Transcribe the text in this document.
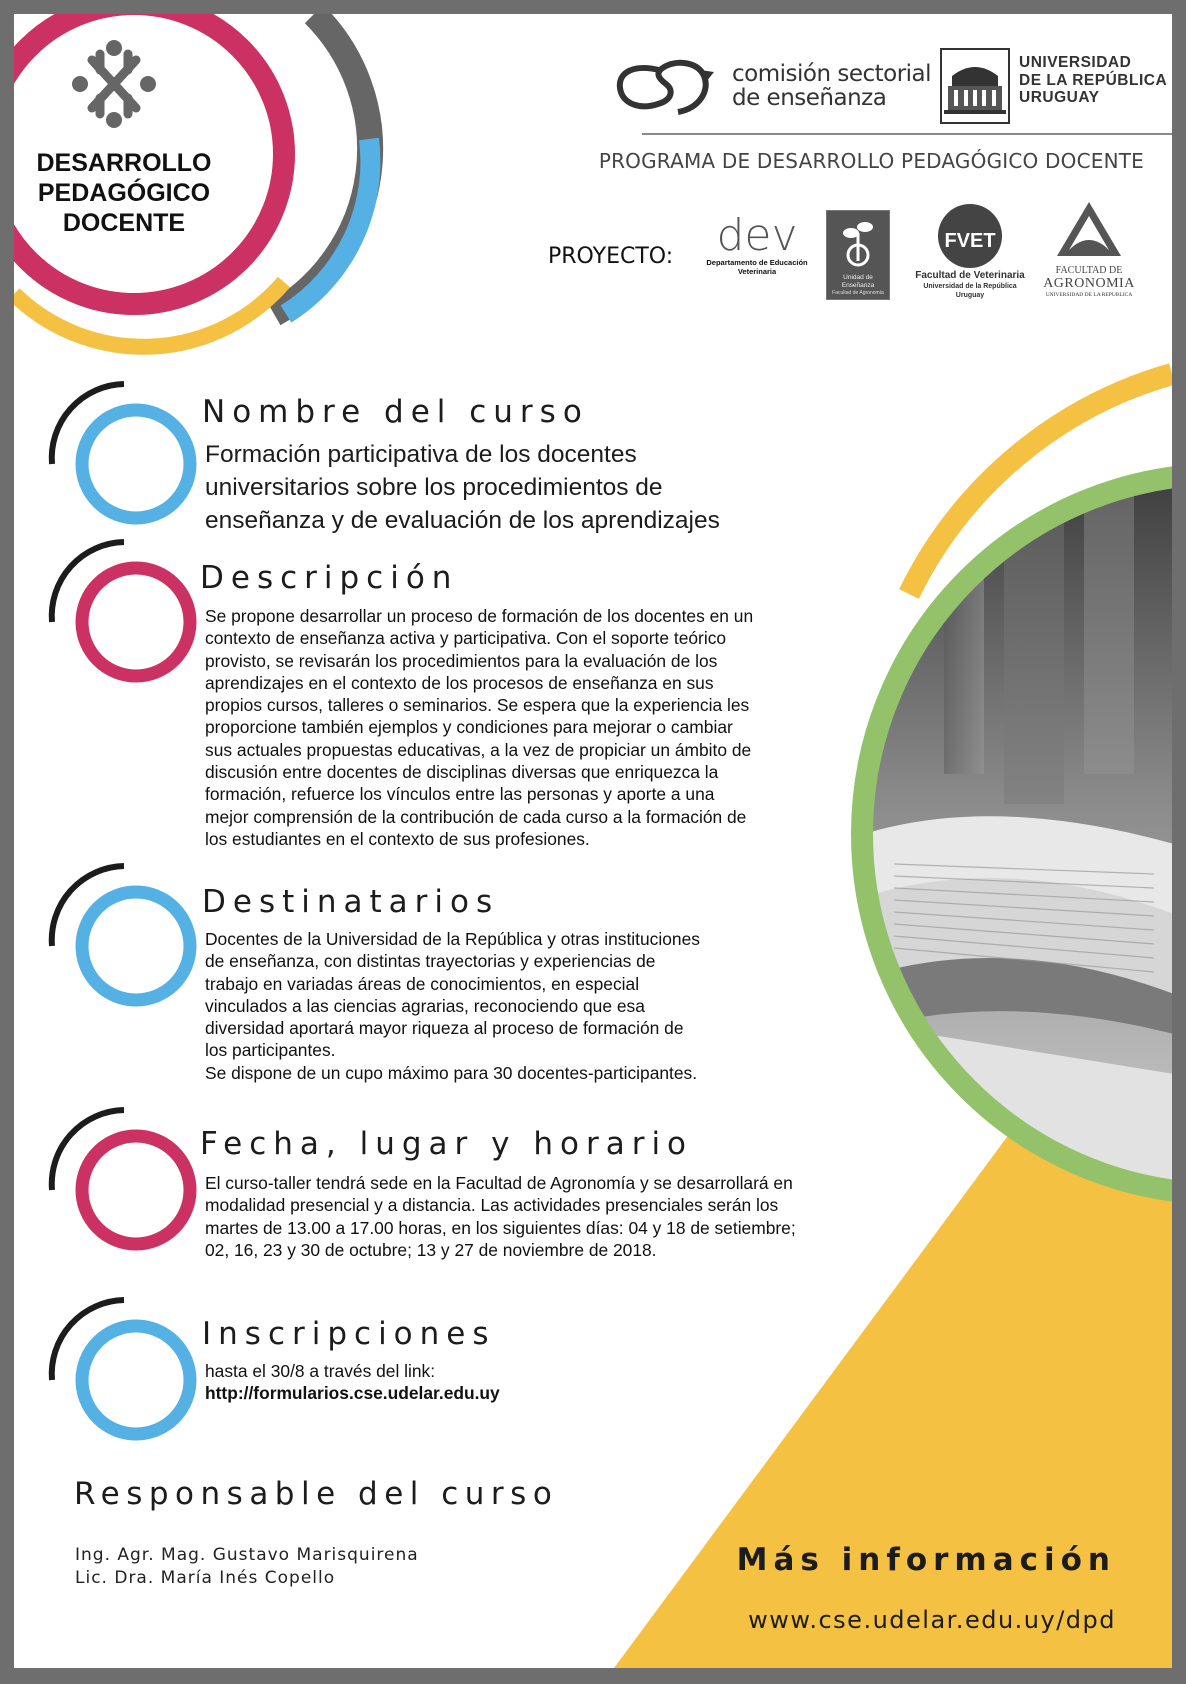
DESARROLLO
PEDAGÓGICO
DOCENTE
comisión sectorial
de enseñanza
UNIVERSIDAD
DE LA REPÚBLICA
URUGUAY
PROGRAMA DE DESARROLLO PEDAGÓGICO DOCENTE
PROYECTO: dev
Departamento de Educación
Veterinaria
Unidad de
Enseñanza
Facultad de Agronomía
FVET
Facultad de Veterinaria
Universidad de la República
Uruguay
FACULTAD DE
AGRONOMIA
UNIVERSIDAD DE LA REPUBLICA
Nombre del curso
Formación participativa de los docentes
universitarios sobre los procedimientos de
enseñanza y de evaluación de los aprendizajes
Descripción
Se propone desarrollar un proceso de formación de los docentes en un
contexto de enseñanza activa y participativa. Con el soporte teórico
provisto, se revisarán los procedimientos para la evaluación de los
aprendizajes en el contexto de los procesos de enseñanza en sus
propios cursos, talleres o seminarios. Se espera que la experiencia les
proporcione también ejemplos y condiciones para mejorar o cambiar
sus actuales propuestas educativas, a la vez de propiciar un ámbito de
discusión entre docentes de disciplinas diversas que enriquezca la
formación, refuerce los vínculos entre las personas y aporte a una
mejor comprensión de la contribución de cada curso a la formación de
los estudiantes en el contexto de sus profesiones.
Destinatarios
Docentes de la Universidad de la República y otras instituciones
de enseñanza, con distintas trayectorias y experiencias de
trabajo en variadas áreas de conocimientos, en especial
vinculados a las ciencias agrarias, reconociendo que esa
diversidad aportará mayor riqueza al proceso de formación de
los participantes.
Se dispone de un cupo máximo para 30 docentes-participantes.
Fecha, lugar y horario
El curso-taller tendrá sede en la Facultad de Agronomía y se desarrollará en
modalidad presencial y a distancia. Las actividades presenciales serán los
martes de 13.00 a 17.00 horas, en los siguientes días: 04 y 18 de setiembre;
02, 16, 23 y 30 de octubre; 13 y 27 de noviembre de 2018.
Inscripciones
hasta el 30/8 a través del link:
http://formularios.cse.udelar.edu.uy
Responsable del curso
Ing. Agr. Mag. Gustavo Marisquirena
Lic. Dra. María Inés Copello	Más información
www.cse.udelar.edu.uy/dpd
